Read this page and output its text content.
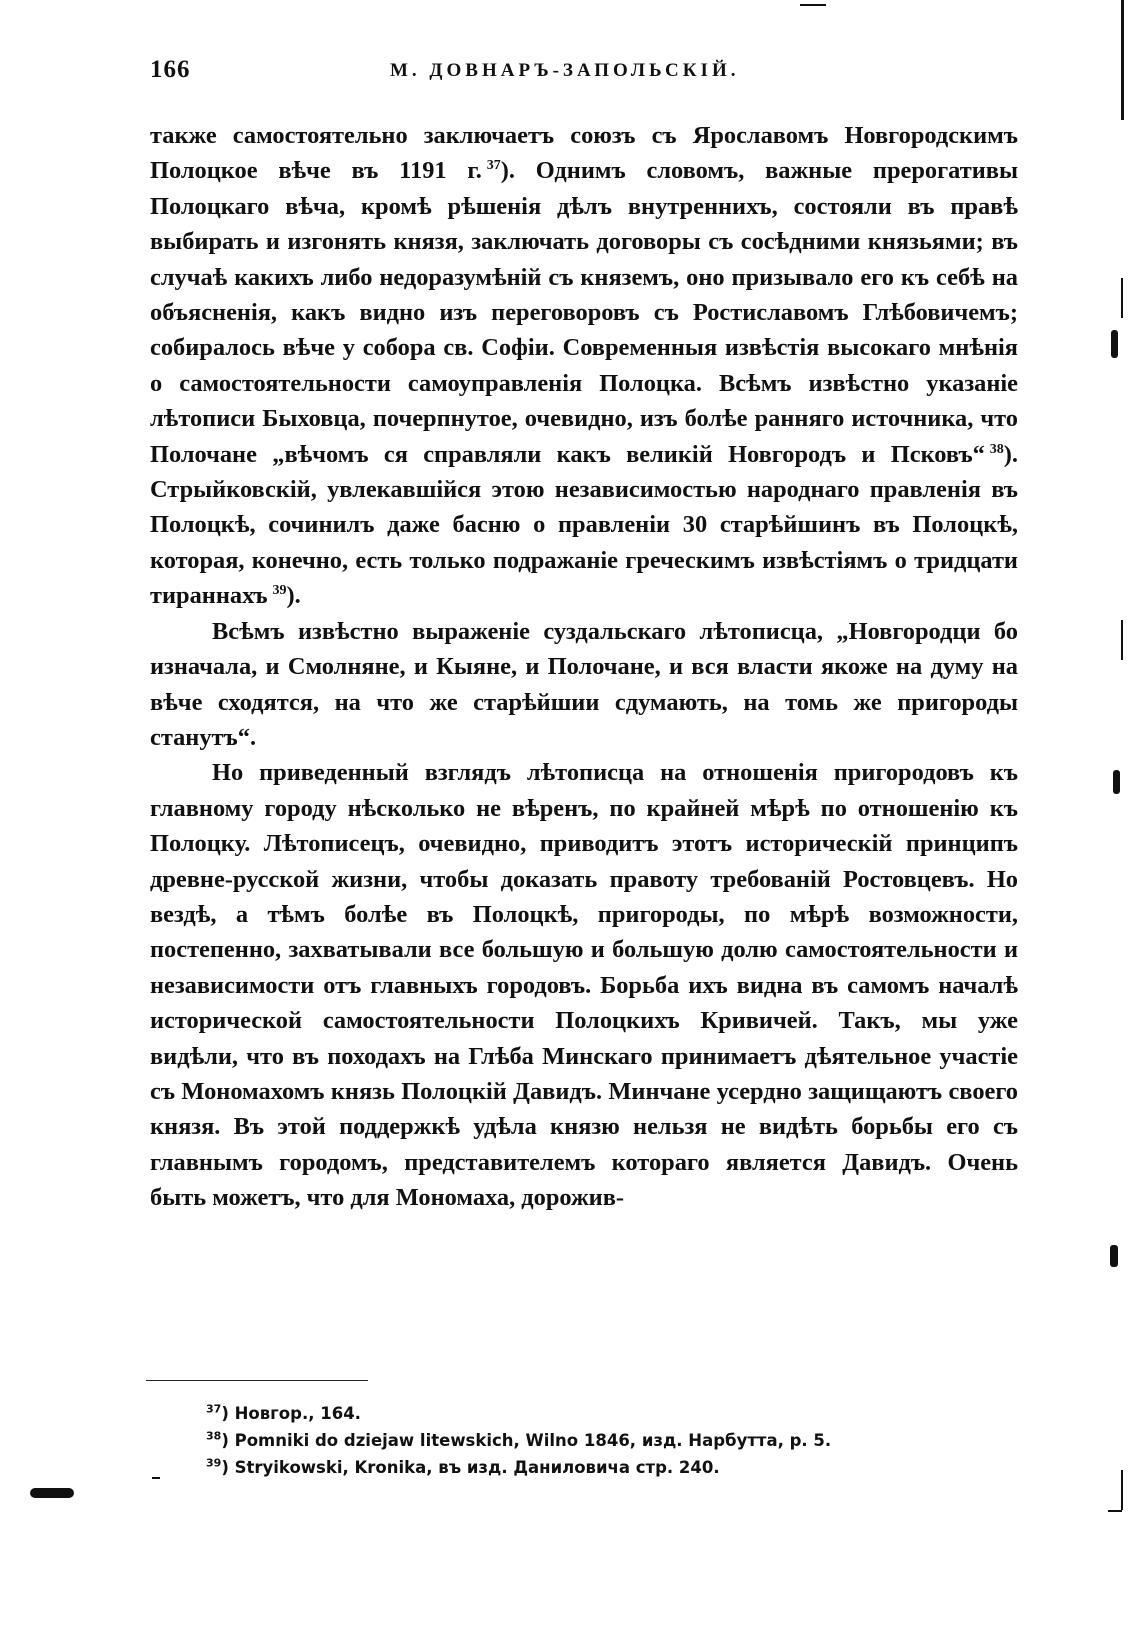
166	М. ДОВНАРЪ-ЗАПОЛЬСКІЙ.

также самостоятельно заключаетъ союзъ съ Ярославомъ Новгородскимъ Полоцкое вѣче въ 1191 г.  $^{37}$). Однимъ словомъ, важные прерогативы Полоцкаго вѣча, кромѣ рѣшенія дѣлъ внутреннихъ, состояли въ правѣ выбирать и изгонять князя, заключать договоры съ сосѣдними князьями; въ случаѣ какихъ либо недоразумѣній съ княземъ, оно призывало его къ себѣ на объясненія, какъ видно изъ переговоровъ съ Ростиславомъ Глѣбовичемъ; собиралось вѣче у собора св. Софіи. Современныя извѣстія высокаго мнѣнія о самостоятельности самоуправленія Полоцка. Всѣмъ извѣстно указаніе лѣтописи Быховца, почерпнутое, очевидно, изъ болѣе ранняго источника, что Полочане „вѣчомъ ся справляли какъ великій Новгородъ и Псковъ“  $^{38}$). Стрыйковскій, увлекавшійся этою независимостью народнаго правленія въ Полоцкѣ, сочинилъ даже басню о правленіи 30 старѣйшинъ въ Полоцкѣ, которая, конечно, есть только подражаніе греческимъ извѣстіямъ о тридцати тираннахъ  $^{39}$).

Всѣмъ извѣстно выраженіе суздальскаго лѣтописца, „Новгородци бо изначала, и Смолняне, и Кыяне, и Полочане, и вся власти якоже на думу на вѣче сходятся, на что же старѣйшии сдумають, на томь же пригороды станутъ“.

Но приведенный взглядъ лѣтописца на отношенія пригородовъ къ главному городу нѣсколько не вѣренъ, по крайней мѣрѣ по отношенію къ Полоцку. Лѣтописецъ, очевидно, приводитъ этотъ историческій принципъ древне-русской жизни, чтобы доказать правоту требованій Ростовцевъ. Но вездѣ, а тѣмъ болѣе въ Полоцкѣ, пригороды, по мѣрѣ возможности, постепенно, захватывали все большую и большую долю самостоятельности и независимости отъ главныхъ городовъ. Борьба ихъ видна въ самомъ началѣ исторической самостоятельности Полоцкихъ Кривичей. Такъ, мы уже видѣли, что въ походахъ на Глѣба Минскаго принимаетъ дѣятельное участіе съ Мономахомъ князь Полоцкій Давидъ. Минчане усердно защищаютъ своего князя. Въ этой поддержкѣ удѣла князю нельзя не видѣть борьбы его съ главнымъ городомъ, представителемъ котораго является Давидъ. Очень быть можетъ, что для Мономаха, дорожив-

$^{37}$) Новгор., 164.
$^{38}$) Pomniki do dziejaw litewskich, Wilno 1846, изд. Нарбутта, p. 5.
$^{39}$) Stryikowski, Kronika, въ изд. Даниловича стр. 240.
